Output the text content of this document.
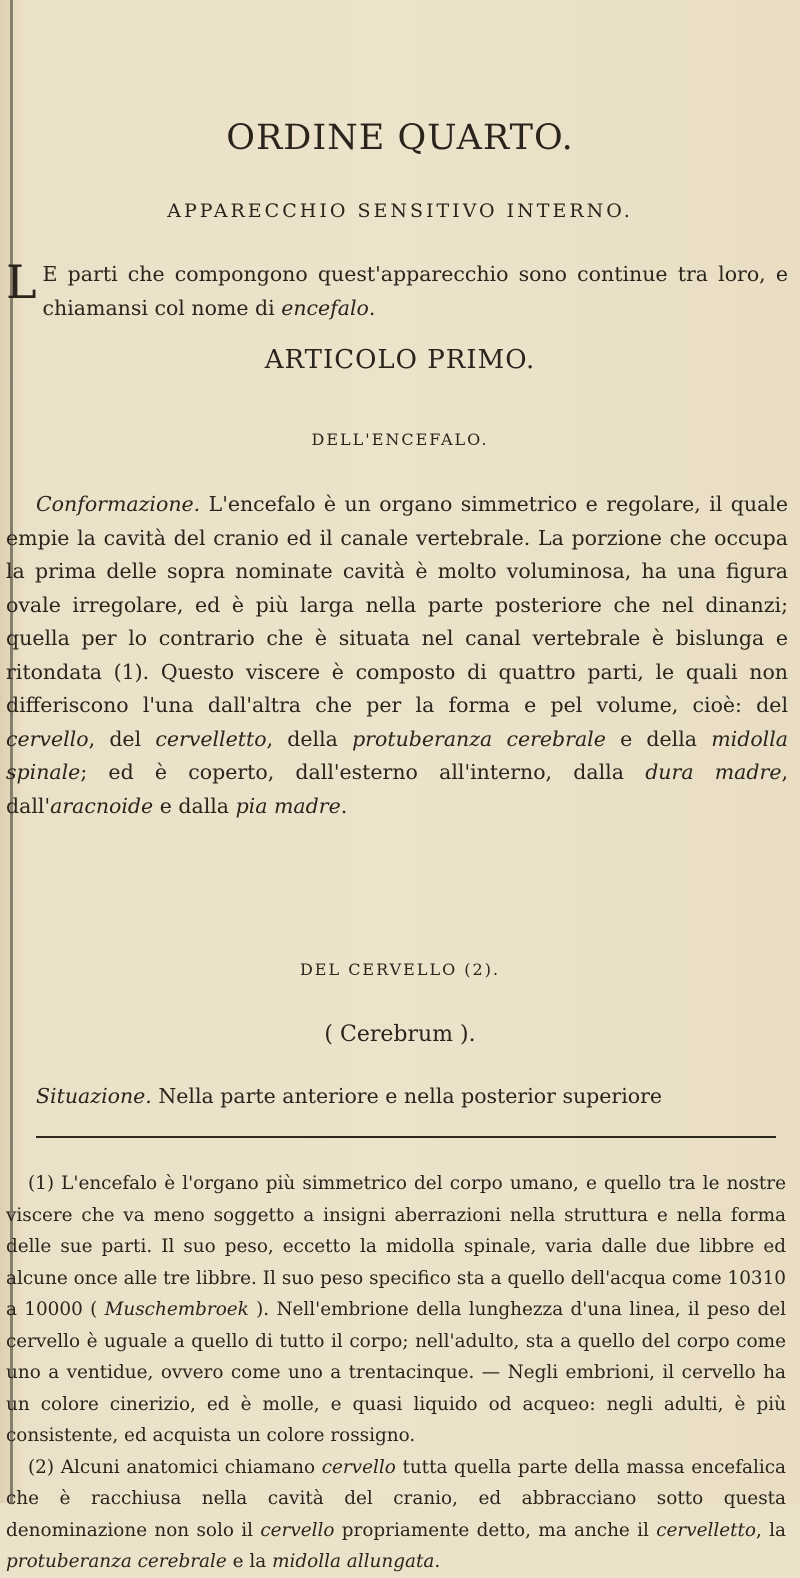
ORDINE QUARTO.
APPARECCHIO SENSITIVO INTERNO.
L E parti che compongono quest'apparecchio sono continue tra loro, e chiamansi col nome di encefalo.
ARTICOLO PRIMO.
DELL'ENCEFALO.
Conformazione. L'encefalo è un organo simmetrico e regolare, il quale empie la cavità del cranio ed il canale vertebrale. La porzione che occupa la prima delle sopra nominate cavità è molto voluminosa, ha una figura ovale irregolare, ed è più larga nella parte posteriore che nel dinanzi; quella per lo contrario che è situata nel canal vertebrale è bislunga e ritondata (1). Questo viscere è composto di quattro parti, le quali non differiscono l'una dall'altra che per la forma e pel volume, cioè: del cervello, del cervelletto, della protuberanza cerebrale e della midolla spinale; ed è coperto, dall'esterno all'interno, dalla dura madre, dall'aracnoide e dalla pia madre.
DEL CERVELLO (2).
( Cerebrum ).
Situazione. Nella parte anteriore e nella posterior superiore

(1) L'encefalo è l'organo più simmetrico del corpo umano, e quello tra le nostre viscere che va meno soggetto a insigni aberrazioni nella struttura e nella forma delle sue parti. Il suo peso, eccetto la midolla spinale, varia dalle due libbre ed alcune once alle tre libbre. Il suo peso specifico sta a quello dell'acqua come 10310 a 10000 ( Muschembroek ). Nell'embrione della lunghezza d'una linea, il peso del cervello è uguale a quello di tutto il corpo; nell'adulto, sta a quello del corpo come uno a ventidue, ovvero come uno a trentacinque. — Negli embrioni, il cervello ha un colore cinerizio, ed è molle, e quasi liquido od acqueo: negli adulti, è più consistente, ed acquista un colore rossigno.

(2) Alcuni anatomici chiamano cervello tutta quella parte della massa encefalica che è racchiusa nella cavità del cranio, ed abbracciano sotto questa denominazione non solo il cervello propriamente detto, ma anche il cervelletto, la protuberanza cerebrale e la midolla allungata.
